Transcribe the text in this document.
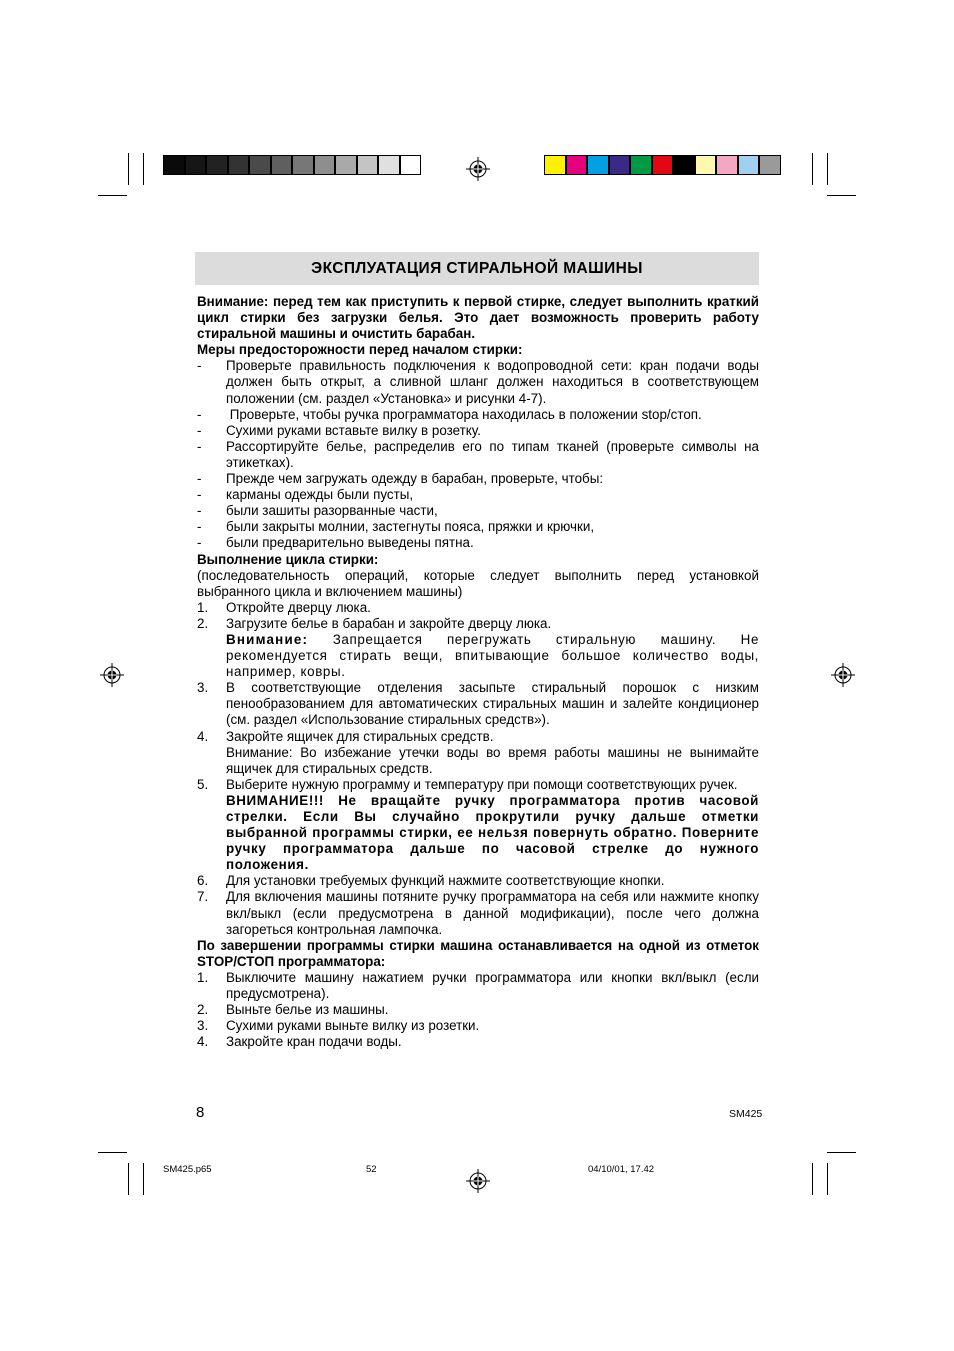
ЭКСПЛУАТАЦИЯ СТИРАЛЬНОЙ МАШИНЫ

Внимание: перед тем как приступить к первой стирке, следует выполнить краткий цикл стирки без загрузки белья. Это дает возможность проверить работу стиральной машины и очистить барабан.

Меры предосторожности перед началом стирки:

-	Проверьте правильность подключения к водопроводной сети: кран подачи воды должен быть открыт, а сливной шланг должен находиться в соответствующем положении (см. раздел «Установка» и рисунки 4-7).
-	Проверьте, чтобы ручка программатора находилась в положении stop/стоп.
-	Сухими руками вставьте вилку в розетку.
-	Рассортируйте белье, распределив его по типам тканей (проверьте символы на этикетках).
-	Прежде чем загружать одежду в барабан, проверьте, чтобы:
-	карманы одежды были пусты,
-	были зашиты разорванные части,
-	были закрыты молнии, застегнуты пояса, пряжки и крючки,
-	были предварительно выведены пятна.

Выполнение цикла стирки:

(последовательность операций, которые следует выполнить перед установкой выбранного цикла и включением машины)

1.	Откройте дверцу люка.
2.	Загрузите белье в барабан и закройте дверцу люка.
Внимание: Запрещается перегружать стиральную машину. Не рекомендуется стирать вещи, впитывающие большое количество воды, например, ковры.
3.	В соответствующие отделения засыпьте стиральный порошок с низким пенообразованием для автоматических стиральных машин и залейте кондиционер (см. раздел «Использование стиральных средств»).
4.	Закройте ящичек для стиральных средств.
Внимание: Во избежание утечки воды во время работы машины не вынимайте ящичек для стиральных средств.
5.	Выберите нужную программу и температуру при помощи соответствующих ручек.
ВНИМАНИЕ!!! Не вращайте ручку программатора против часовой стрелки. Если Вы случайно прокрутили ручку дальше отметки выбранной программы стирки, ее нельзя повернуть обратно. Поверните ручку программатора дальше по часовой стрелке до нужного положения.
6.	Для установки требуемых функций нажмите соответствующие кнопки.
7.	Для включения машины потяните ручку программатора на себя или нажмите кнопку вкл/выкл (если предусмотрена в данной модификации), после чего должна загореться контрольная лампочка.

По завершении программы стирки машина останавливается на одной из отметок STOP/СТОП программатора:

1.	Выключите машину нажатием ручки программатора или кнопки вкл/выкл (если предусмотрена).
2.	Выньте белье из машины.
3.	Сухими руками выньте вилку из розетки.
4.	Закройте кран подачи воды.
8	SM425
SM425.p65	52	04/10/01, 17.42
